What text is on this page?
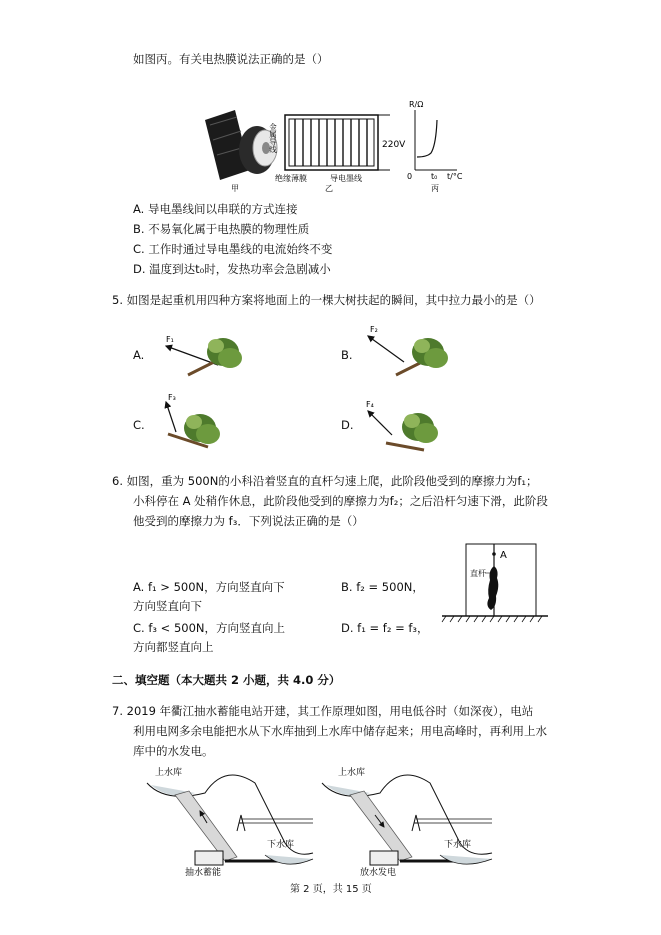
如图丙。有关电热膜说法正确的是（）
甲
金属导线	220V
绝缘薄膜	导电墨线
乙
R/Ω
0 t₀ t/°C
丙
A. 导电墨线间以串联的方式连接
B. 不易氧化属于电热膜的物理性质
C. 工作时通过导电墨线的电流始终不变
D. 温度到达t₀时，发热功率会急剧减小
5. 如图是起重机用四种方案将地面上的一棵大树扶起的瞬间，其中拉力最小的是（）
A.
F₁
B.
F₂
C.
F₃
D.
F₄
6. 如图，重为 500N的小科沿着竖直的直杆匀速上爬，此阶段他受到的摩擦力为f₁；
小科停在 A 处稍作休息，此阶段他受到的摩擦力为f₂；之后沿杆匀速下滑，此阶段
他受到的摩擦力为 f₃．下列说法正确的是（）
A. f₁ > 500N，方向竖直向下
方向竖直向下
B. f₂ = 500N，
C. f₃ < 500N，方向竖直向上
方向都竖直向上
D. f₁ = f₂ = f₃，
A
直杆
二、填空题（本大题共 2 小题，共 4.0 分）
7. 2019 年衢江抽水蓄能电站开建，其工作原理如图，用电低谷时（如深夜），电站
利用电网多余电能把水从下水库抽到上水库中储存起来；用电高峰时，再利用上水
库中的水发电。
上水库
下水库
抽水蓄能
上水库
下水库
放水发电
第 2 页，共 15 页
